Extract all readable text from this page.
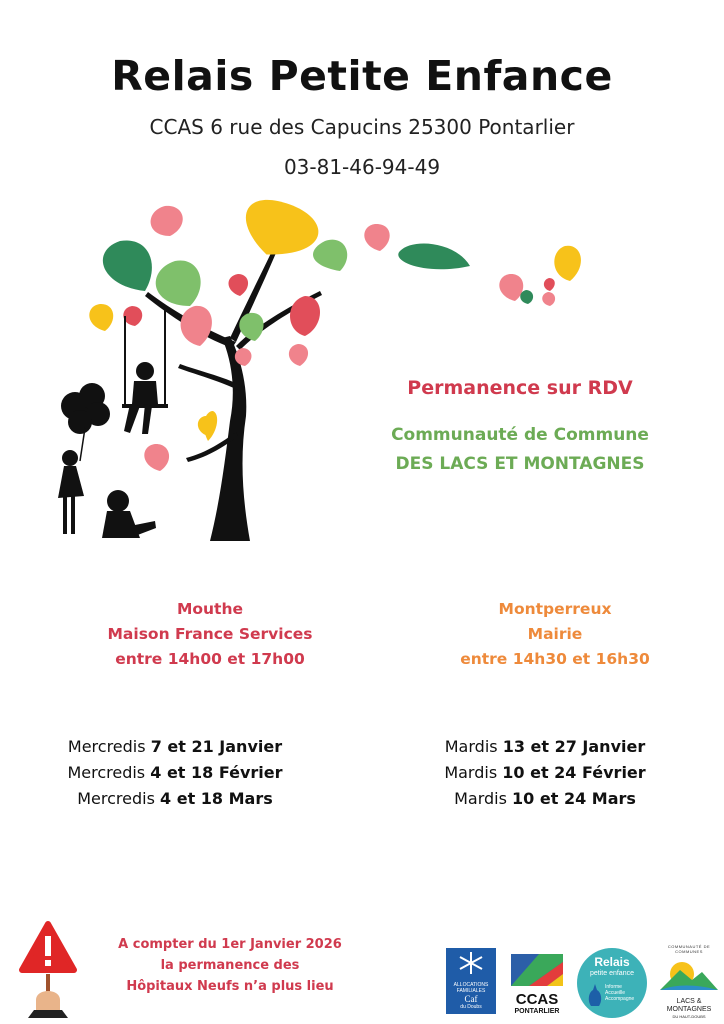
Relais Petite Enfance
CCAS 6 rue des Capucins 25300 Pontarlier
03-81-46-94-49
Permanence sur RDV
Communauté de Commune
DES LACS ET MONTAGNES
Mouthe
Maison France Services
entre 14h00 et 17h00
Montperreux
Mairie
entre 14h30 et 16h30
Mercredis 7 et 21 Janvier
Mercredis 4 et 18 Février
Mercredis 4 et 18 Mars
Mardis 13 et 27 Janvier
Mardis 10 et 24 Février
Mardis 10 et 24 Mars
A compter du 1er Janvier 2026
la permanence des
Hôpitaux Neufs n’a plus lieu	ALLOCATIONS
FAMILIALES
Caf
du Doubs	CCAS
PONTARLIER
Relais
petite enfance
Informe
Accueille
Accompagne
COMMUNAUTÉ DE COMMUNES
LACS &
MONTAGNES
DU HAUT-DOUBS
